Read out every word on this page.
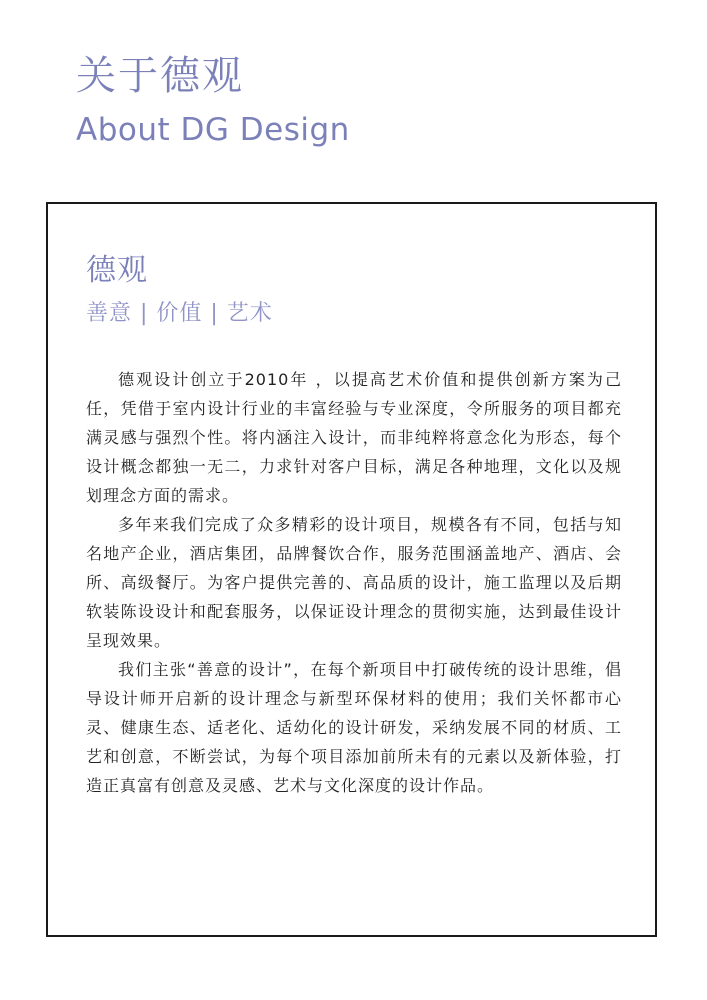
关于德观
About DG Design
德观
善意 | 价值 | 艺术

德观设计创立于2010年 ，以提高艺术价值和提供创新方案为己任，凭借于室内设计行业的丰富经验与专业深度，令所服务的项目都充满灵感与强烈个性。将内涵注入设计，而非纯粹将意念化为形态，每个设计概念都独一无二，力求针对客户目标，满足各种地理，文化以及规划理念方面的需求。

多年来我们完成了众多精彩的设计项目，规模各有不同，包括与知名地产企业，酒店集团，品牌餐饮合作，服务范围涵盖地产、酒店、会所、高级餐厅。为客户提供完善的、高品质的设计，施工监理以及后期软装陈设设计和配套服务，以保证设计理念的贯彻实施，达到最佳设计呈现效果。

我们主张“善意的设计”，在每个新项目中打破传统的设计思维，倡导设计师开启新的设计理念与新型环保材料的使用；我们关怀都市心灵、健康生态、适老化、适幼化的设计研发，采纳发展不同的材质、工艺和创意，不断尝试，为每个项目添加前所未有的元素以及新体验，打造正真富有创意及灵感、艺术与文化深度的设计作品。
